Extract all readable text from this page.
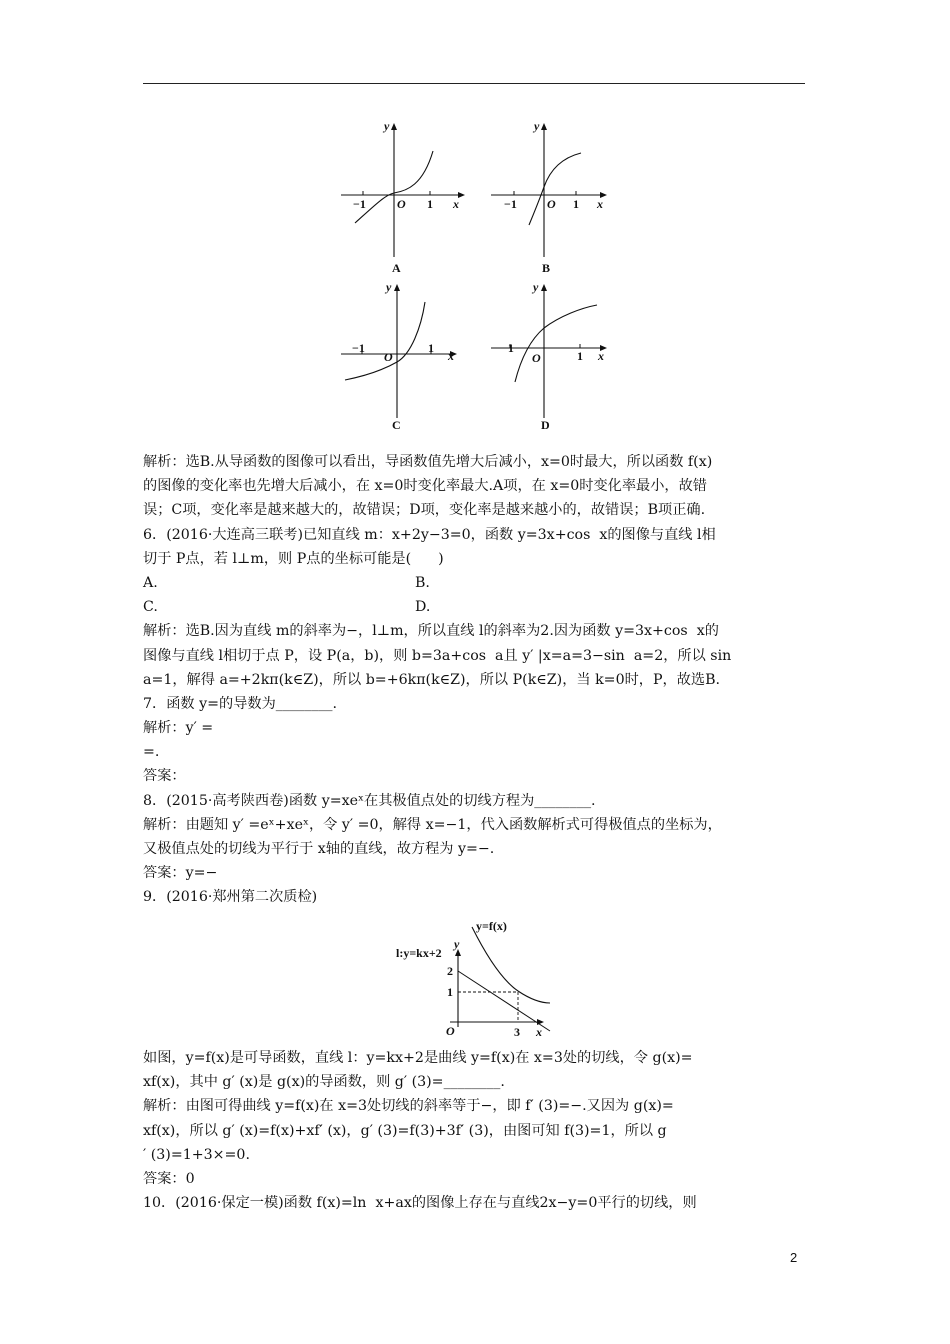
y
x
O
−1	1
A
y
x
O
−1	1
B
y
x
O
−1	1
C
y
x
O
−1
1
D
解析：选B.从导函数的图像可以看出，导函数值先增大后减小，x=0时最大，所以函数 f(x)
的图像的变化率也先增大后减小，在 x=0时变化率最大.A项，在 x=0时变化率最小，故错
误；C项，变化率是越来越大的，故错误；D项，变化率是越来越小的，故错误；B项正确.
6．(2016·大连高三联考)已知直线 m：x+2y−3=0，函数 y=3x+cos  x的图像与直线 l相
切于 P点，若 l⊥m，则 P点的坐标可能是(      )
A.	B.
C.	D.
解析：选B.因为直线 m的斜率为−，l⊥m，所以直线 l的斜率为2.因为函数 y=3x+cos  x的
图像与直线 l相切于点 P，设 P(a，b)，则 b=3a+cos  a且 y′ |x=a=3−sin  a=2，所以 sin
a=1，解得 a=+2kπ(k∈Z)，所以 b=+6kπ(k∈Z)，所以 P(k∈Z)，当 k=0时，P，故选B.
7．函数 y=的导数为________.
解析：y′ =
=.
答案：
8．(2015·高考陕西卷)函数 y=xeˣ在其极值点处的切线方程为________.
解析：由题知 y′ =eˣ+xeˣ，令 y′ =0，解得 x=−1，代入函数解析式可得极值点的坐标为，
又极值点处的切线为平行于 x轴的直线，故方程为 y=−.
答案：y=−
9．(2016·郑州第二次质检)
y=f(x)
l:y=kx+2
y
x
O
2
1
3
如图，y=f(x)是可导函数，直线 l：y=kx+2是曲线 y=f(x)在 x=3处的切线，令 g(x)=
xf(x)，其中 g′ (x)是 g(x)的导函数，则 g′ (3)=________.
解析：由图可得曲线 y=f(x)在 x=3处切线的斜率等于−，即 f′ (3)=−.又因为 g(x)=
xf(x)，所以 g′ (x)=f(x)+xf′ (x)，g′ (3)=f(3)+3f′ (3)，由图可知 f(3)=1，所以 g
′ (3)=1+3×=0.
答案：0
10．(2016·保定一模)函数 f(x)=ln  x+ax的图像上存在与直线2x−y=0平行的切线，则
2
